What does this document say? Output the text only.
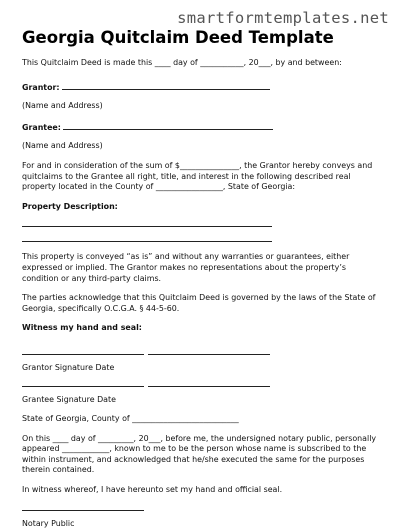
smartformtemplates.net
Georgia Quitclaim Deed Template

This Quitclaim Deed is made this ____ day of ___________, 20___, by and between:

Grantor:

(Name and Address)

Grantee:

(Name and Address)

For and in consideration of the sum of $_______________, the Grantor hereby conveys and quitclaims to the Grantee all right, title, and interest in the following described real property located in the County of _________________, State of Georgia:

Property Description:

This property is conveyed “as is” and without any warranties or guarantees, either expressed or implied. The Grantor makes no representations about the property’s condition or any third-party claims.

The parties acknowledge that this Quitclaim Deed is governed by the laws of the State of Georgia, specifically O.C.G.A. § 44-5-60.

Witness my hand and seal:

Grantor Signature Date

Grantee Signature Date

State of Georgia, County of ___________________________

On this ____ day of _________, 20___, before me, the undersigned notary public, personally appeared ____________, known to me to be the person whose name is subscribed to the within instrument, and acknowledged that he/she executed the same for the purposes therein contained.

In witness whereof, I have hereunto set my hand and official seal.

Notary Public
